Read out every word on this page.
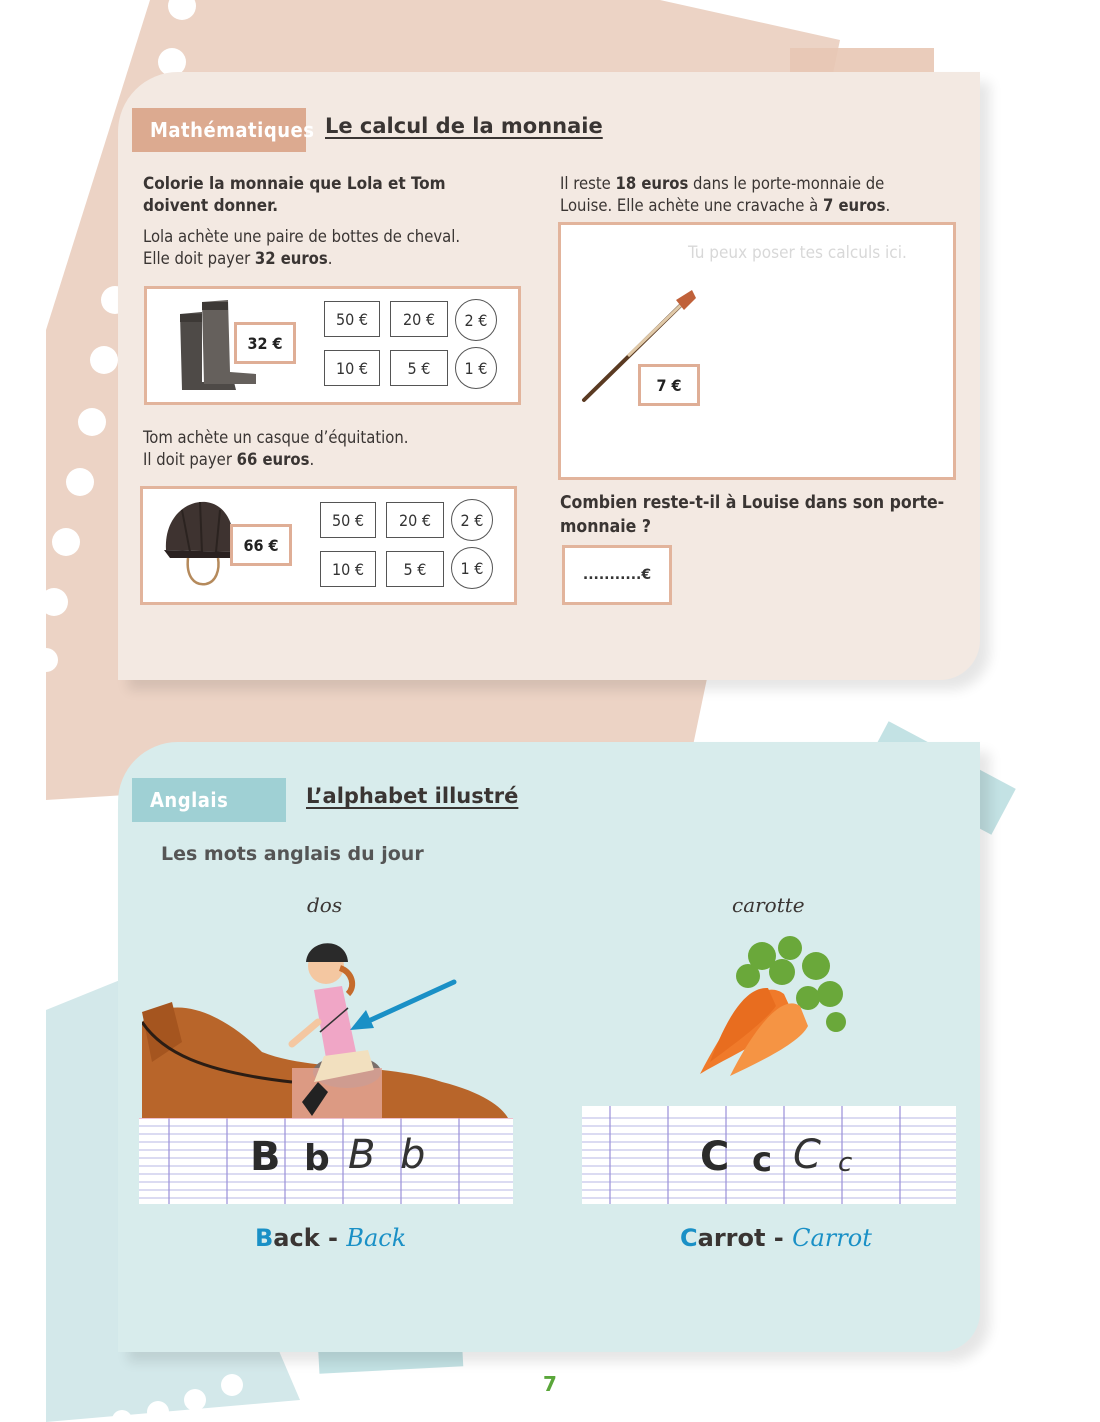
Mathématiques Le calcul de la monnaie
Colorie la monnaie que Lola et Tom doivent donner.
Lola achète une paire de bottes de cheval.
Elle doit payer 32 euros.
32 €
50 €	20 €	2 €
10 €	5 €	1 €
Tom achète un casque d’équitation.
Il doit payer 66 euros.
66 €
50 €	20 €	2 €
10 €	5 €	1 €
Il reste 18 euros dans le porte-monnaie de
Louise. Elle achète une cravache à 7 euros.
Tu peux poser tes calculs ici.
7 €
Combien reste-t-il à Louise dans son porte-monnaie ?
...........€
Anglais	L’alphabet illustré
Les mots anglais du jour
dos	carotte
B b B b	C c C c
Back - Back	Carrot - Carrot
7
